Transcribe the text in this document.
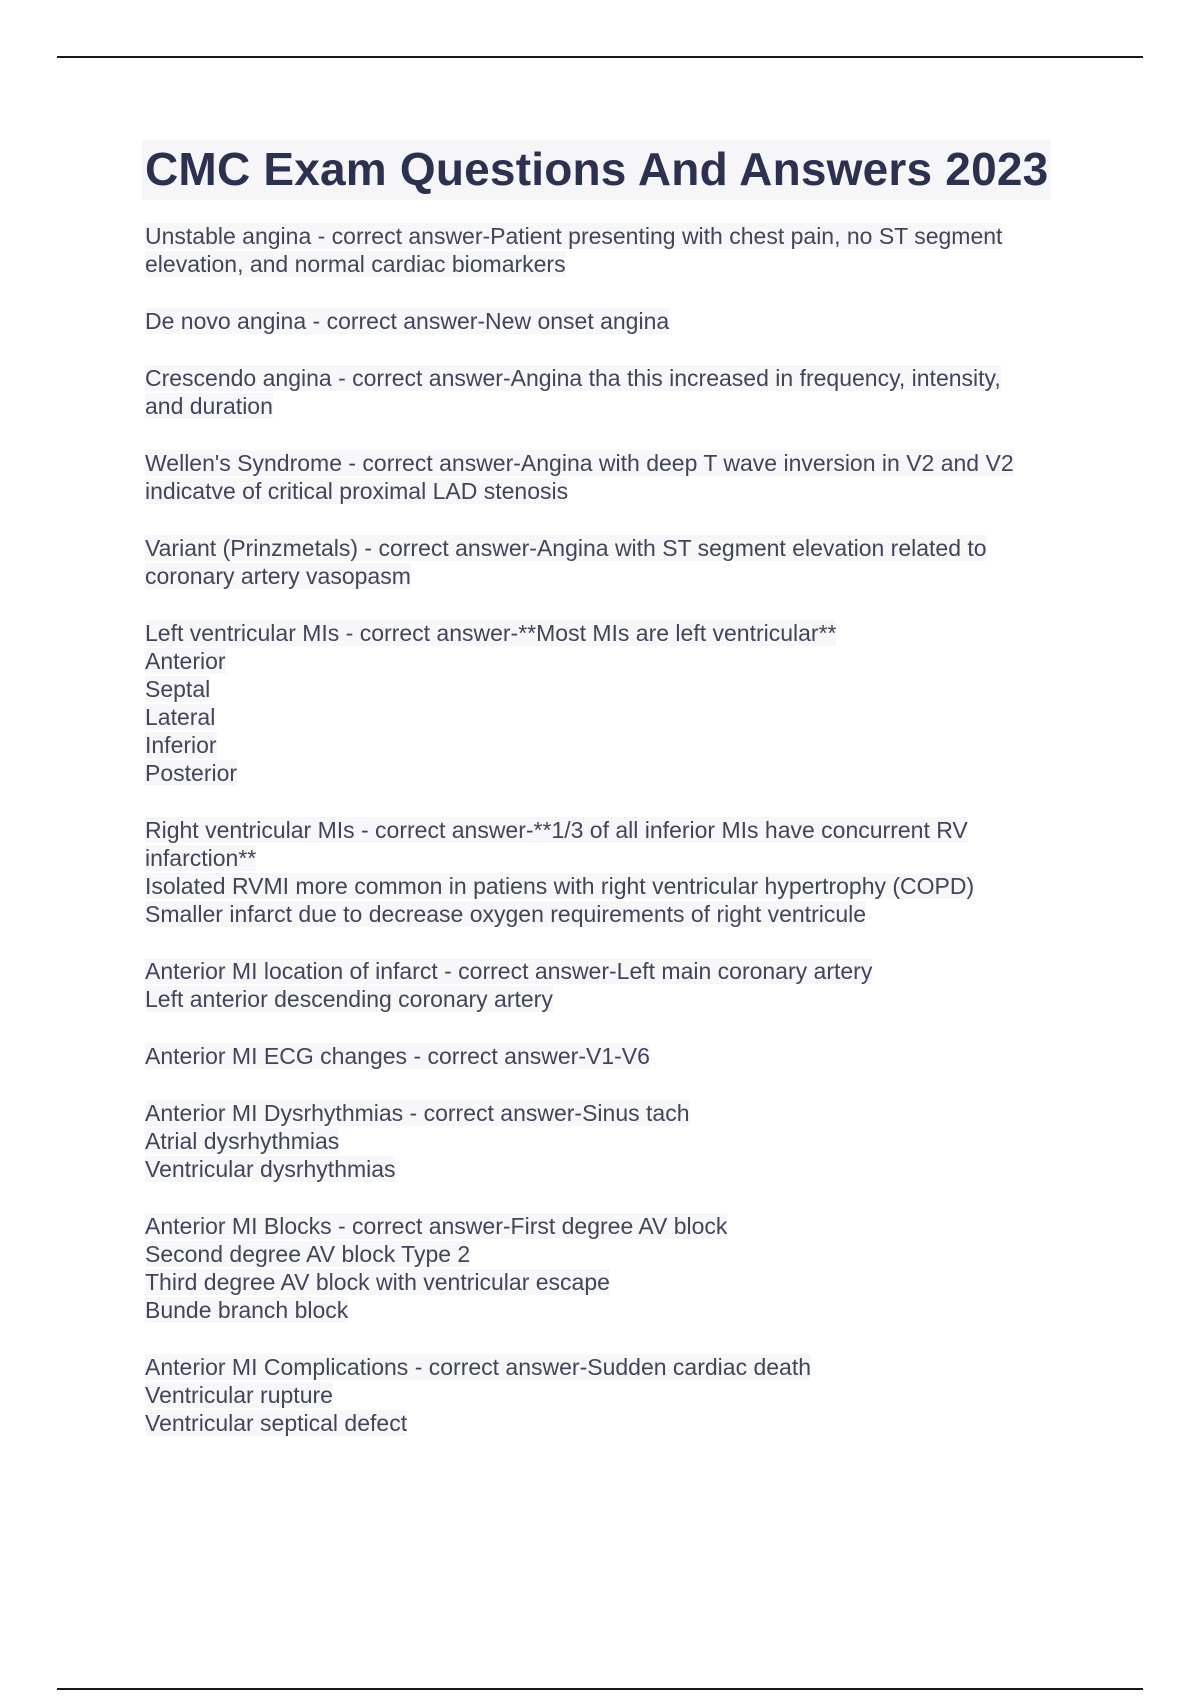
CMC Exam Questions And Answers 2023
Unstable angina - correct answer-Patient presenting with chest pain, no ST segment
elevation, and normal cardiac biomarkers
De novo angina - correct answer-New onset angina
Crescendo angina - correct answer-Angina tha this increased in frequency, intensity,
and duration
Wellen's Syndrome - correct answer-Angina with deep T wave inversion in V2 and V2
indicatve of critical proximal LAD stenosis
Variant (Prinzmetals) - correct answer-Angina with ST segment elevation related to
coronary artery vasopasm
Left ventricular MIs - correct answer-**Most MIs are left ventricular**
Anterior
Septal
Lateral
Inferior
Posterior
Right ventricular MIs - correct answer-**1/3 of all inferior MIs have concurrent RV
infarction**
Isolated RVMI more common in patiens with right ventricular hypertrophy (COPD)
Smaller infarct due to decrease oxygen requirements of right ventricule
Anterior MI location of infarct - correct answer-Left main coronary artery
Left anterior descending coronary artery
Anterior MI ECG changes - correct answer-V1-V6
Anterior MI Dysrhythmias - correct answer-Sinus tach
Atrial dysrhythmias
Ventricular dysrhythmias
Anterior MI Blocks - correct answer-First degree AV block
Second degree AV block Type 2
Third degree AV block with ventricular escape
Bunde branch block
Anterior MI Complications - correct answer-Sudden cardiac death
Ventricular rupture
Ventricular septical defect
